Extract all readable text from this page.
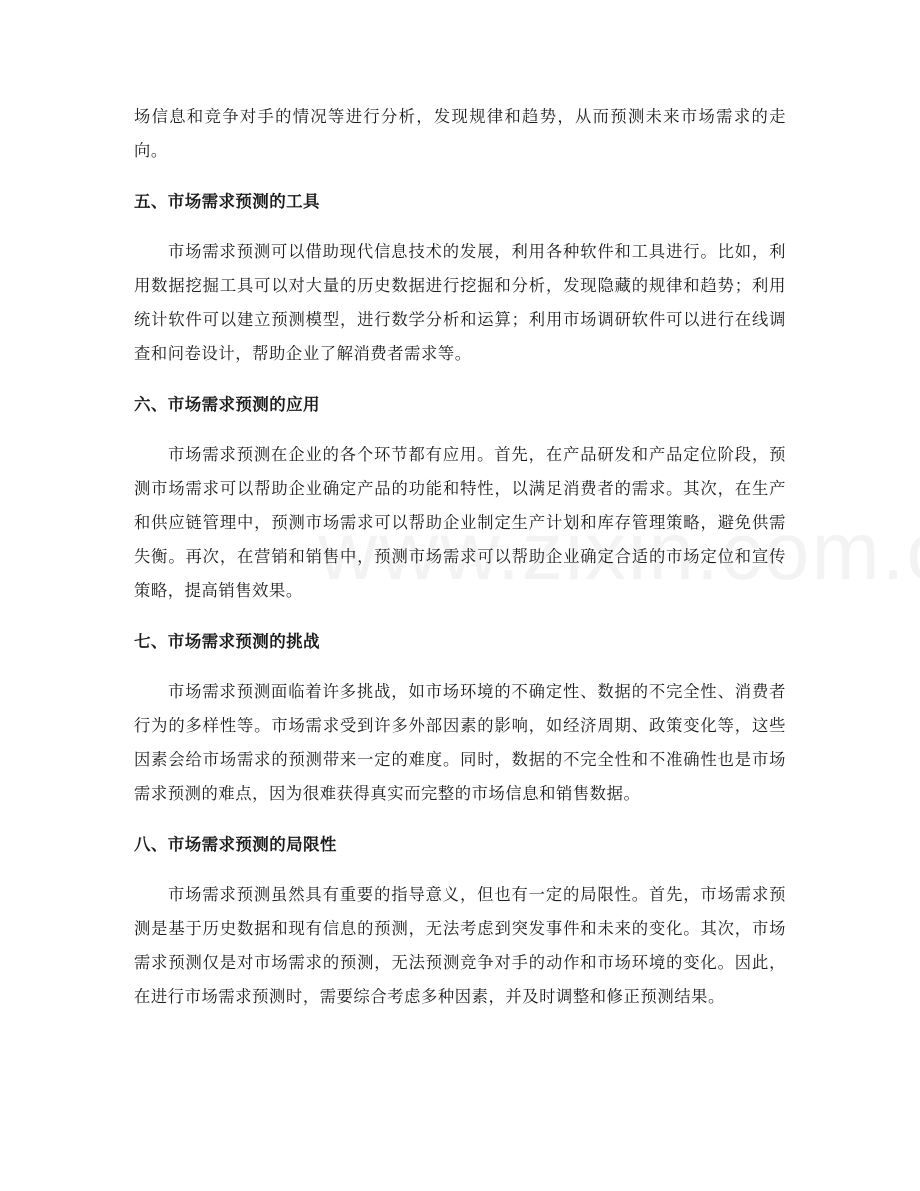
场信息和竞争对手的情况等进行分析，发现规律和趋势，从而预测未来市场需求的走向。

五、市场需求预测的工具

市场需求预测可以借助现代信息技术的发展，利用各种软件和工具进行。比如，利用数据挖掘工具可以对大量的历史数据进行挖掘和分析，发现隐藏的规律和趋势；利用统计软件可以建立预测模型，进行数学分析和运算；利用市场调研软件可以进行在线调查和问卷设计，帮助企业了解消费者需求等。

六、市场需求预测的应用

市场需求预测在企业的各个环节都有应用。首先，在产品研发和产品定位阶段，预测市场需求可以帮助企业确定产品的功能和特性，以满足消费者的需求。其次，在生产和供应链管理中，预测市场需求可以帮助企业制定生产计划和库存管理策略，避免供需失衡。再次，在营销和销售中，预测市场需求可以帮助企业确定合适的市场定位和宣传策略，提高销售效果。

七、市场需求预测的挑战

市场需求预测面临着许多挑战，如市场环境的不确定性、数据的不完全性、消费者行为的多样性等。市场需求受到许多外部因素的影响，如经济周期、政策变化等，这些因素会给市场需求的预测带来一定的难度。同时，数据的不完全性和不准确性也是市场需求预测的难点，因为很难获得真实而完整的市场信息和销售数据。

八、市场需求预测的局限性

市场需求预测虽然具有重要的指导意义，但也有一定的局限性。首先，市场需求预测是基于历史数据和现有信息的预测，无法考虑到突发事件和未来的变化。其次，市场需求预测仅是对市场需求的预测，无法预测竞争对手的动作和市场环境的变化。因此，在进行市场需求预测时，需要综合考虑多种因素，并及时调整和修正预测结果。
